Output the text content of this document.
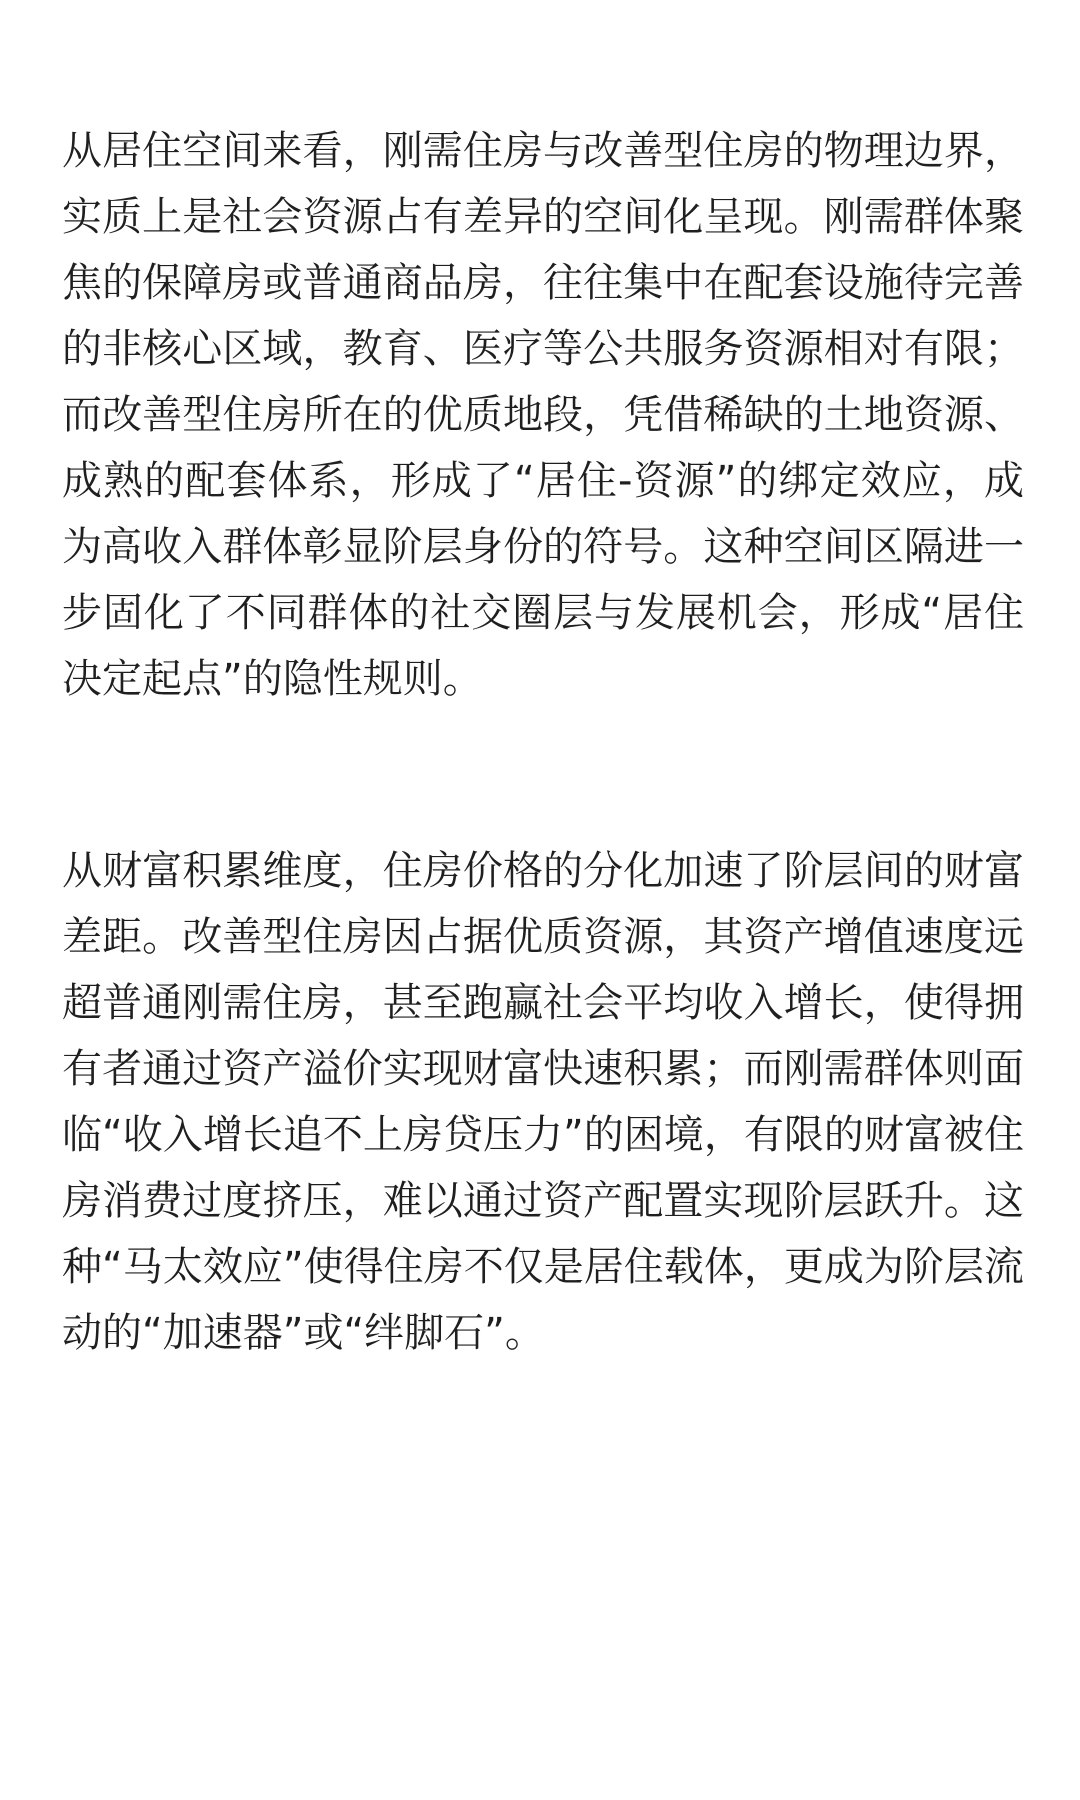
从居住空间来看，刚需住房与改善型住房的物理边界，实质上是社会资源占有差异的空间化呈现。刚需群体聚焦的保障房或普通商品房，往往集中在配套设施待完善的非核心区域，教育、医疗等公共服务资源相对有限；而改善型住房所在的优质地段，凭借稀缺的土地资源、成熟的配套体系，形成了“居住-资源”的绑定效应，成为高收入群体彰显阶层身份的符号。这种空间区隔进一步固化了不同群体的社交圈层与发展机会，形成“居住决定起点”的隐性规则。

从财富积累维度，住房价格的分化加速了阶层间的财富差距。改善型住房因占据优质资源，其资产增值速度远超普通刚需住房，甚至跑赢社会平均收入增长，使得拥有者通过资产溢价实现财富快速积累；而刚需群体则面临“收入增长追不上房贷压力”的困境，有限的财富被住房消费过度挤压，难以通过资产配置实现阶层跃升。这种“马太效应”使得住房不仅是居住载体，更成为阶层流动的“加速器”或“绊脚石”。
